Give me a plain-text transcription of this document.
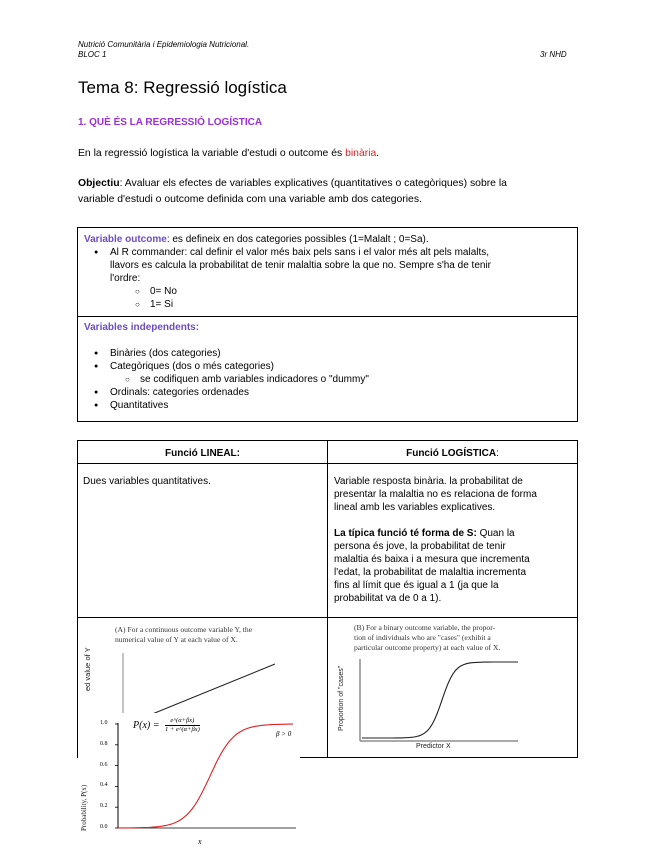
Nutrició Comunitària i Epidemiologia Nutricional.
BLOC 1	3r NHD
Tema 8: Regressió logística
1. QUÈ ÉS LA REGRESSIÓ LOGÍSTICA
En la regressió logística la variable d'estudi o outcome és binària.
Objectiu: Avaluar els efectes de variables explicatives (quantitatives o categòriques) sobre la
variable d'estudi o outcome definida com una variable amb dos categories.
Variable outcome: es defineix en dos categories possibles (1=Malalt ; 0=Sa).
● Al R commander: cal definir el valor més baix pels sans i el valor més alt pels malalts,
llavors es calcula la probabilitat de tenir malaltia sobre la que no. Sempre s'ha de tenir
l'ordre:
○ 0= No
○ 1= Si
Variables independents:
● Binàries (dos categories)
● Categòriques (dos o més categories)
○ se codifiquen amb variables indicadores o "dummy"
● Ordinals: categories ordenades
● Quantitatives
Funció LINEAL:	Funció LOGÍSTICA:
Dues variables quantitatives.	Variable resposta binària. la probabilitat de
presentar la malaltia no es relaciona de forma
lineal amb les variables explicatives.
La típica funció té forma de S: Quan la
persona és jove, la probabilitat de tenir
malaltia és baixa i a mesura que incrementa
l'edat, la probabilitat de malaltia incrementa
fins al límit que és igual a 1 (ja que la
probabilitat va de 0 a 1).
(A) For a continuous outcome variable Y, the
numerical value of Y at each value of X.
ed value of Y
(B) For a binary outcome variable, the propor-
tion of individuals who are "cases" (exhibit a
particular outcome property) at each value of X.
Proportion of "cases"
Predictor X
$P(x) = \frac{e\^{}(\alpha+\beta x)}{1 + e\^{}(\alpha+\beta x)}$	β > 0
1.0
0.8
0.6
0.4
0.2
0.0
Probability, P(x)
x
